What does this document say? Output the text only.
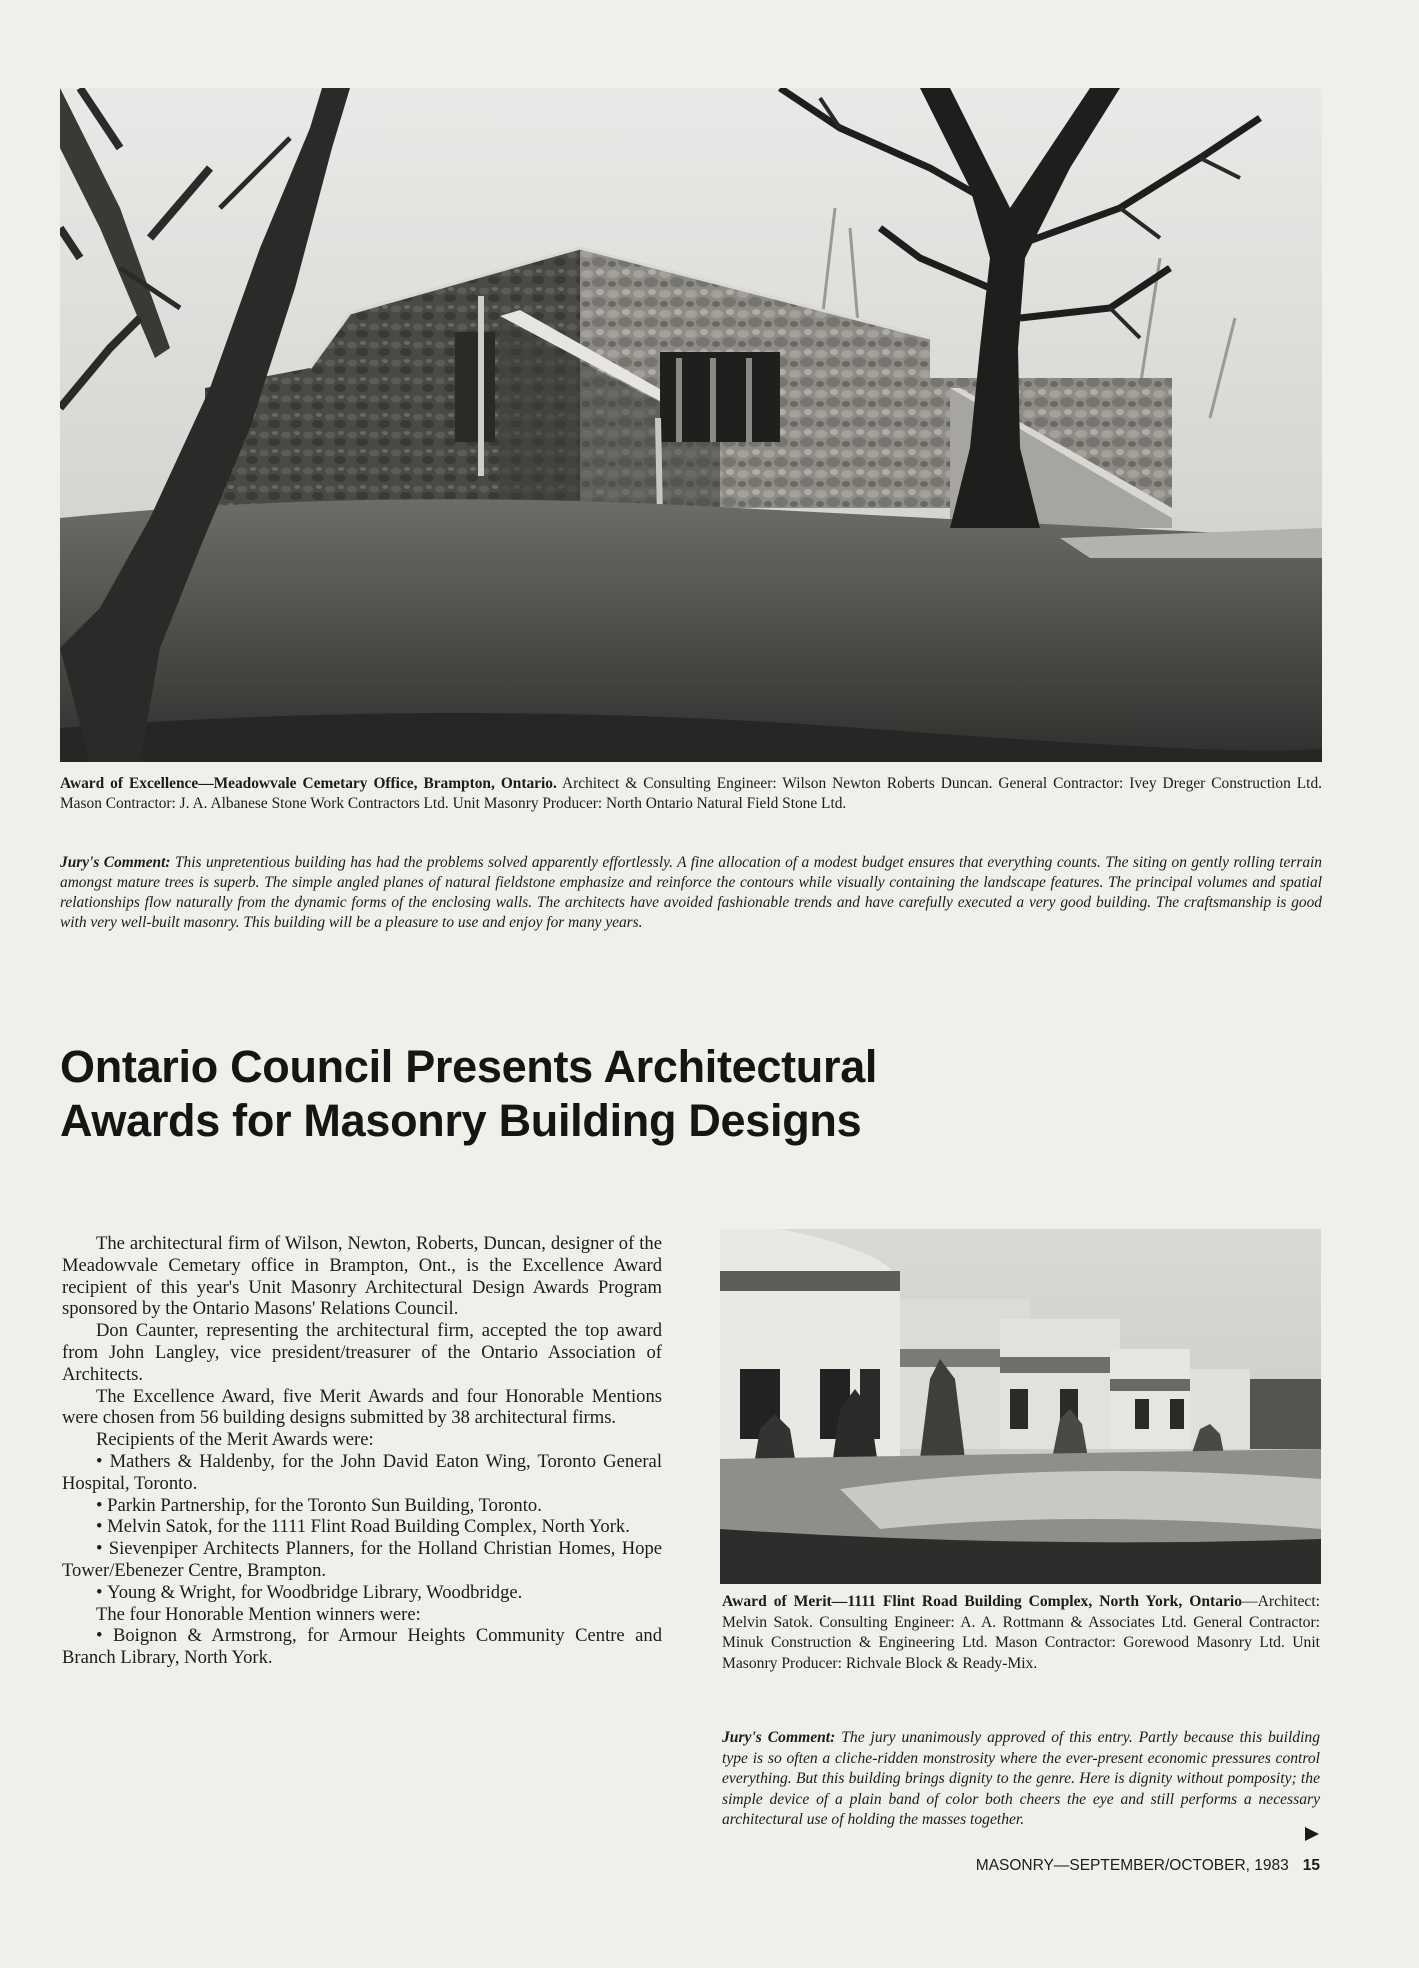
Award of Excellence—Meadowvale Cemetary Office, Brampton, Ontario. Architect & Consulting Engineer: Wilson Newton Roberts Duncan. General Contractor: Ivey Dreger Construction Ltd. Mason Contractor: J. A. Albanese Stone Work Contractors Ltd. Unit Masonry Producer: North Ontario Natural Field Stone Ltd.
Jury's Comment: This unpretentious building has had the problems solved apparently effortlessly. A fine allocation of a modest budget ensures that everything counts. The siting on gently rolling terrain amongst mature trees is superb. The simple angled planes of natural fieldstone emphasize and reinforce the contours while visually containing the landscape features. The principal volumes and spatial relationships flow naturally from the dynamic forms of the enclosing walls. The architects have avoided fashionable trends and have carefully executed a very good building. The craftsmanship is good with very well-built masonry. This building will be a pleasure to use and enjoy for many years.
Ontario Council Presents Architectural
Awards for Masonry Building Designs

The architectural firm of Wilson, Newton, Roberts, Duncan, designer of the Meadowvale Cemetary office in Brampton, Ont., is the Excellence Award recipient of this year's Unit Masonry Architectural Design Awards Program sponsored by the Ontario Masons' Relations Council.

Don Caunter, representing the architectural firm, accepted the top award from John Langley, vice president/treasurer of the Ontario Association of Architects.

The Excellence Award, five Merit Awards and four Honorable Mentions were chosen from 56 building designs submitted by 38 architectural firms.

Recipients of the Merit Awards were:

• Mathers & Haldenby, for the John David Eaton Wing, Toronto General Hospital, Toronto.

• Parkin Partnership, for the Toronto Sun Building, Toronto.

• Melvin Satok, for the 1111 Flint Road Building Complex, North York.

• Sievenpiper Architects Planners, for the Holland Christian Homes, Hope Tower/Ebenezer Centre, Brampton.

• Young & Wright, for Woodbridge Library, Woodbridge.

The four Honorable Mention winners were:

• Boignon & Armstrong, for Armour Heights Community Centre and Branch Library, North York.

Award of Merit—1111 Flint Road Building Complex, North York, Ontario—Architect: Melvin Satok. Consulting Engineer: A. A. Rottmann & Associates Ltd. General Contractor: Minuk Construction & Engineering Ltd. Mason Contractor: Gorewood Masonry Ltd. Unit Masonry Producer: Richvale Block & Ready-Mix.
Jury's Comment: The jury unanimously approved of this entry. Partly because this building type is so often a cliche-ridden monstrosity where the ever-present economic pressures control everything. But this building brings dignity to the genre. Here is dignity without pomposity; the simple device of a plain band of color both cheers the eye and still performs a necessary architectural use of holding the masses together.
MASONRY—SEPTEMBER/OCTOBER, 1983 15
